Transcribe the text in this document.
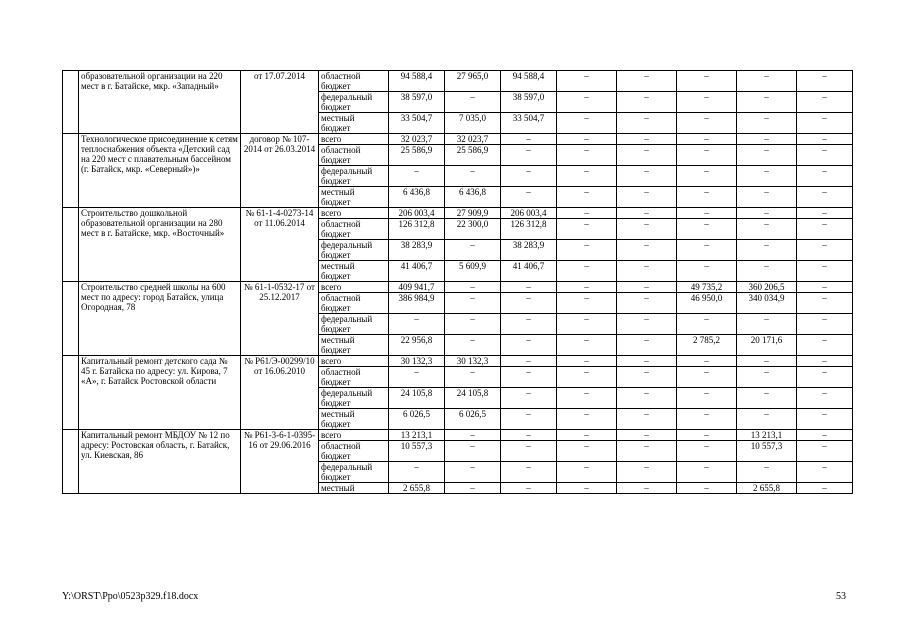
	образовательной организации на 220 мест в г. Батайске, мкр. «Западный»	от 17.07.2014	областной бюджет	94 588,4	27 965,0	94 588,4	–	–	–	–	–
			федеральный бюджет	38 597,0	–	38 597,0	–	–	–	–	–
			местный бюджет	33 504,7	7 035,0	33 504,7	–	–	–	–	–
	Технологическое присоединение к сетям теплоснабжения объекта «Детский сад на 220 мест с плавательным бассейном (г. Батайск, мкр. «Северный»)»	договор № 107-2014 от 26.03.2014	всего	32 023,7	32 023,7	–	–	–	–	–	–
			областной бюджет	25 586,9	25 586,9	–	–	–	–	–	–
			федеральный бюджет	–	–	–	–	–	–	–	–
			местный бюджет	6 436,8	6 436,8	–	–	–	–	–	–
	Строительство дошкольной образовательной организации на 280 мест в г. Батайске, мкр. «Восточный»	№ 61-1-4-0273-14 от 11.06.2014	всего	206 003,4	27 909,9	206 003,4	–	–	–	–	–
			областной бюджет	126 312,8	22 300,0	126 312,8	–	–	–	–	–
			федеральный бюджет	38 283,9	–	38 283,9	–	–	–	–	–
			местный бюджет	41 406,7	5 609,9	41 406,7	–	–	–	–	–
	Строительство средней школы на 600 мест по адресу: город Батайск, улица Огородная, 78	№ 61-1-0532-17 от 25.12.2017	всего	409 941,7	–	–	–	–	49 735,2	360 206,5	–
			областной бюджет	386 984,9	–	–	–	–	46 950,0	340 034,9	–
			федеральный бюджет	–	–	–	–	–	–	–	–
			местный бюджет	22 956,8	–	–	–	–	2 785,2	20 171,6	–
	Капитальный ремонт детского сада № 45 г. Батайска по адресу: ул. Кирова, 7 «А», г. Батайск Ростовской области	№ Р61/Э-00299/10 от 16.06.2010	всего	30 132,3	30 132,3	–	–	–	–	–	–
			областной бюджет	–	–	–	–	–	–	–	–
			федеральный бюджет	24 105,8	24 105,8	–	–	–	–	–	–
			местный бюджет	6 026,5	6 026,5	–	–	–	–	–	–
	Капитальный ремонт МБДОУ № 12 по адресу: Ростовская область, г. Батайск, ул. Киевская, 86	№ Р61-3-6-1-0395-16 от 29.06.2016	всего	13 213,1	–	–	–	–	–	13 213,1	–
			областной бюджет	10 557,3	–	–	–	–	–	10 557,3	–
			федеральный бюджет	–	–	–	–	–	–	–	–
			местный	2 655,8	–	–	–	–	–	2 655,8	–
Y:\ORST\Ppo\0523p329.f18.docx	53
